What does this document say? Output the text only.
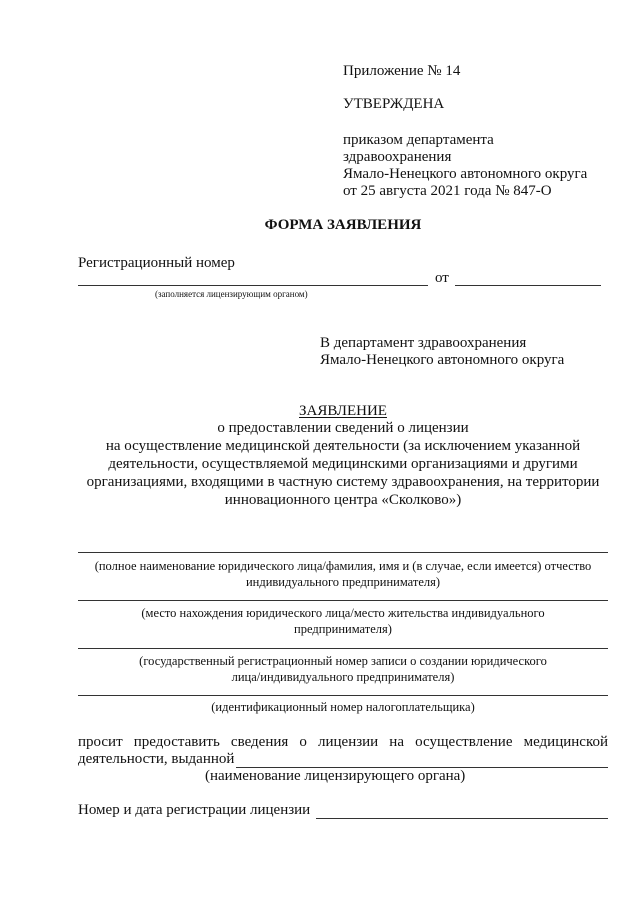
Приложение № 14
УТВЕРЖДЕНА
приказом департамента
здравоохранения
Ямало-Ненецкого автономного округа
от 25 августа 2021 года № 847-О
ФОРМА ЗАЯВЛЕНИЯ
Регистрационный номер
от
(заполняется лицензирующим органом)
В департамент здравоохранения
Ямало-Ненецкого автономного округа
ЗАЯВЛЕНИЕ
о предоставлении сведений о лицензии
на осуществление медицинской деятельности (за исключением указанной
деятельности, осуществляемой медицинскими организациями и другими
организациями, входящими в частную систему здравоохранения, на территории
инновационного центра «Сколково»)
(полное наименование юридического лица/фамилия, имя и (в случае, если имеется) отчество
индивидуального предпринимателя)
(место нахождения юридического лица/место жительства индивидуального
предпринимателя)
(государственный регистрационный номер записи о создании юридического
лица/индивидуального предпринимателя)
(идентификационный номер налогоплательщика)
просит предоставить сведения о лицензии на осуществление медицинской
деятельности, выданной
(наименование лицензирующего органа)
Номер и дата регистрации лицензии
